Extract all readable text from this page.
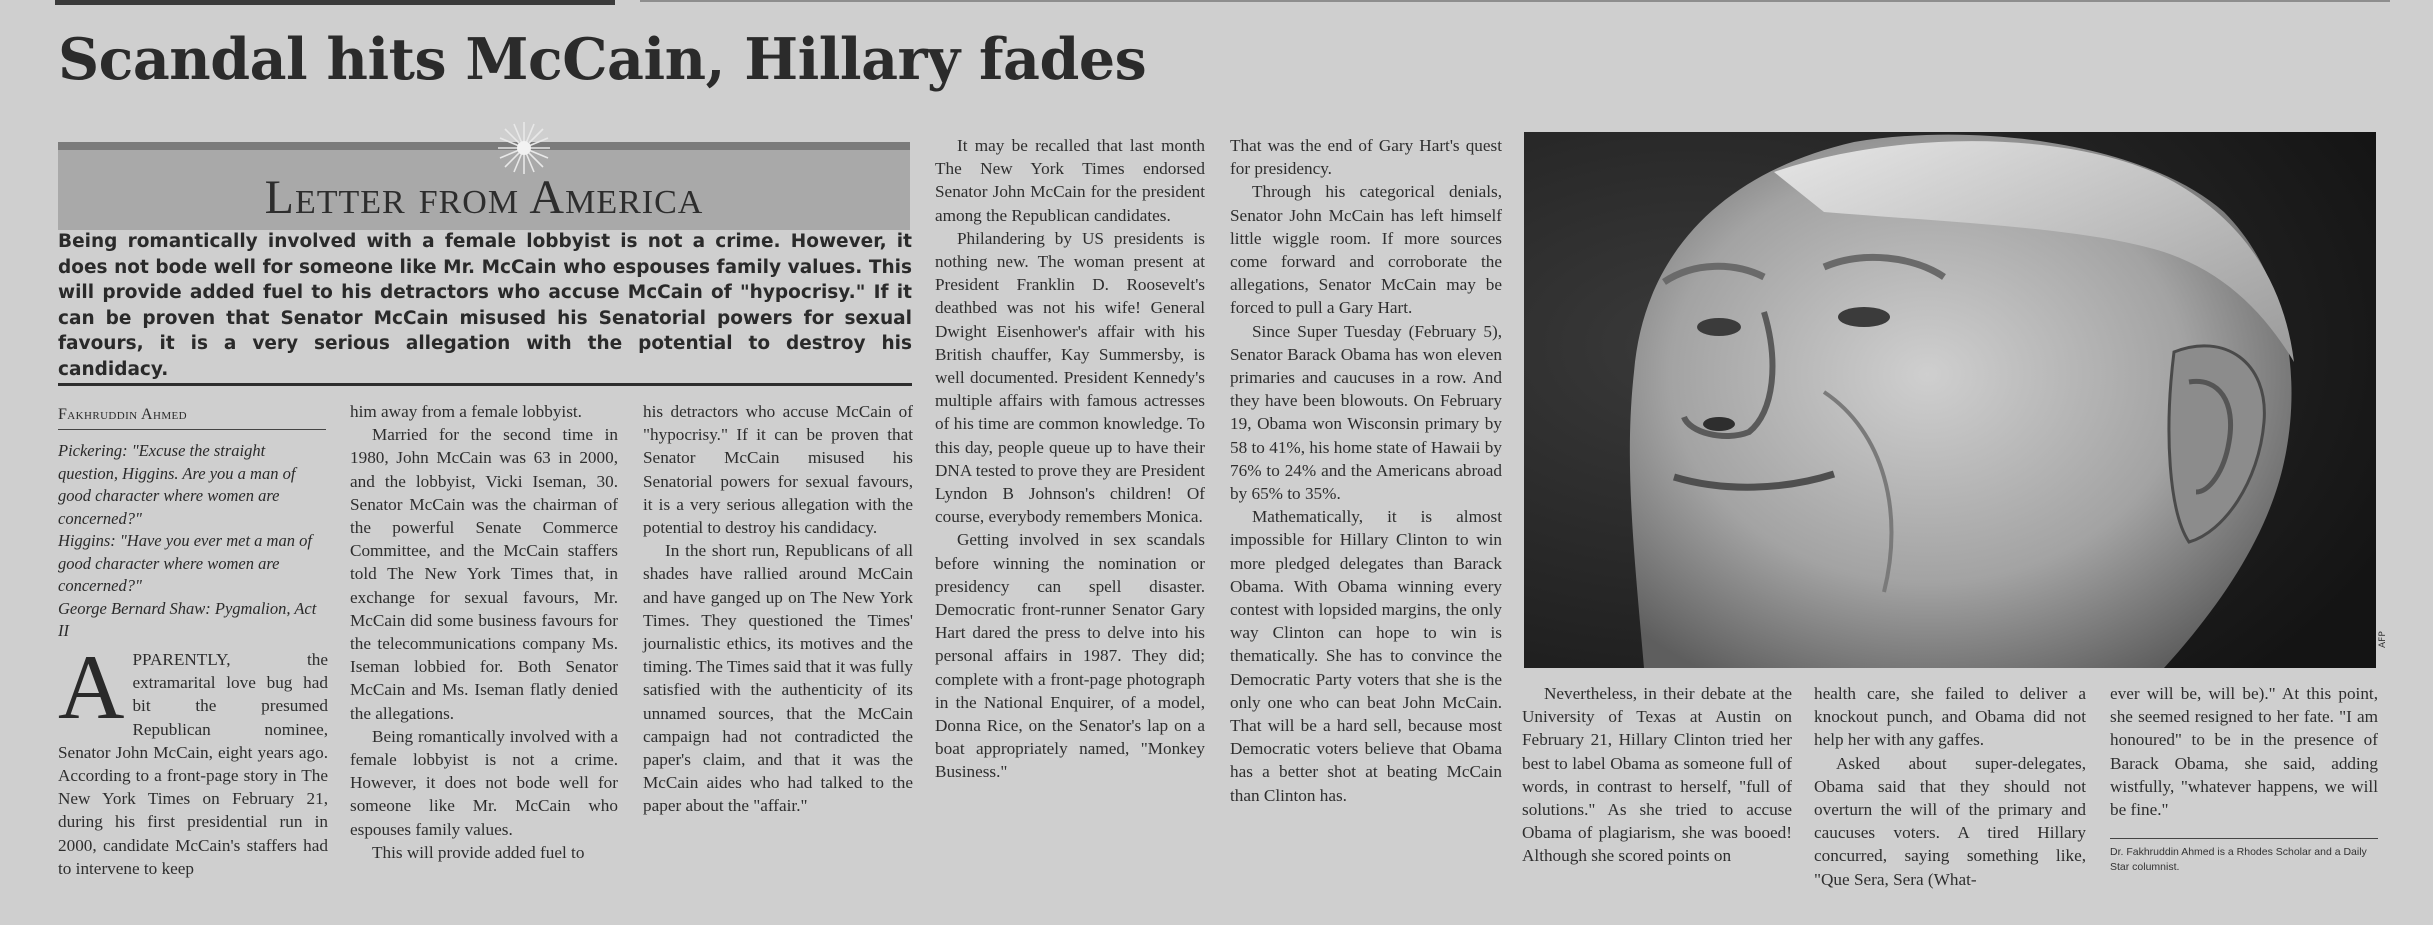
Scandal hits McCain, Hillary fades
Letter from America

Being romantically involved with a female lobbyist is not a crime. However, it does not bode well for someone like Mr. McCain who espouses family values. This will provide added fuel to his detractors who accuse McCain of "hypocrisy." If it can be proven that Senator McCain misused his Senatorial powers for sexual favours, it is a very serious allegation with the potential to destroy his candidacy.

Fakhruddin Ahmed

Pickering: "Excuse the straight question, Higgins. Are you a man of good character where women are concerned?"

Higgins: "Have you ever met a man of good character where women are concerned?"

George Bernard Shaw: Pygmalion, Act II

A PPARENTLY, the extramarital love bug had bit the presumed Republican nominee, Senator John McCain, eight years ago. According to a front-page story in The New York Times on February 21, during his first presidential run in 2000, candidate McCain's staffers had to intervene to keep

him away from a female lobbyist.

Married for the second time in 1980, John McCain was 63 in 2000, and the lobbyist, Vicki Iseman, 30. Senator McCain was the chairman of the powerful Senate Commerce Committee, and the McCain staffers told The New York Times that, in exchange for sexual favours, Mr. McCain did some business favours for the telecommunications company Ms. Iseman lobbied for. Both Senator McCain and Ms. Iseman flatly denied the allegations.

Being romantically involved with a female lobbyist is not a crime. However, it does not bode well for someone like Mr. McCain who espouses family values.

This will provide added fuel to

his detractors who accuse McCain of "hypocrisy." If it can be proven that Senator McCain misused his Senatorial powers for sexual favours, it is a very serious allegation with the potential to destroy his candidacy.

In the short run, Republicans of all shades have rallied around McCain and have ganged up on The New York Times. They questioned the Times' journalistic ethics, its motives and the timing. The Times said that it was fully satisfied with the authenticity of its unnamed sources, that the McCain campaign had not contradicted the paper's claim, and that it was the McCain aides who had talked to the paper about the "affair."

It may be recalled that last month The New York Times endorsed Senator John McCain for the president among the Republican candidates.

Philandering by US presidents is nothing new. The woman present at President Franklin D. Roosevelt's deathbed was not his wife! General Dwight Eisenhower's affair with his British chauffer, Kay Summersby, is well documented. President Kennedy's multiple affairs with famous actresses of his time are common knowledge. To this day, people queue up to have their DNA tested to prove they are President Lyndon B Johnson's children! Of course, everybody remembers Monica.

Getting involved in sex scandals before winning the nomination or presidency can spell disaster. Democratic front-runner Senator Gary Hart dared the press to delve into his personal affairs in 1987. They did; complete with a front-page photograph in the National Enquirer, of a model, Donna Rice, on the Senator's lap on a boat appropriately named, "Monkey Business."

That was the end of Gary Hart's quest for presidency.

Through his categorical denials, Senator John McCain has left himself little wiggle room. If more sources come forward and corroborate the allegations, Senator McCain may be forced to pull a Gary Hart.

Since Super Tuesday (February 5), Senator Barack Obama has won eleven primaries and caucuses in a row. And they have been blowouts. On February 19, Obama won Wisconsin primary by 58 to 41%, his home state of Hawaii by 76% to 24% and the Americans abroad by 65% to 35%.

Mathematically, it is almost impossible for Hillary Clinton to win more pledged delegates than Barack Obama. With Obama winning every contest with lopsided margins, the only way Clinton can hope to win is thematically. She has to convince the Democratic Party voters that she is the only one who can beat John McCain. That will be a hard sell, because most Democratic voters believe that Obama has a better shot at beating McCain than Clinton has.

AFP

Nevertheless, in their debate at the University of Texas at Austin on February 21, Hillary Clinton tried her best to label Obama as someone full of words, in contrast to herself, "full of solutions." As she tried to accuse Obama of plagiarism, she was booed! Although she scored points on

health care, she failed to deliver a knockout punch, and Obama did not help her with any gaffes.

Asked about super-delegates, Obama said that they should not overturn the will of the primary and caucuses voters. A tired Hillary concurred, saying something like, "Que Sera, Sera (What-

ever will be, will be)." At this point, she seemed resigned to her fate. "I am honoured" to be in the presence of Barack Obama, she said, adding wistfully, "whatever happens, we will be fine."

Dr. Fakhruddin Ahmed is a Rhodes Scholar and a Daily Star columnist.
